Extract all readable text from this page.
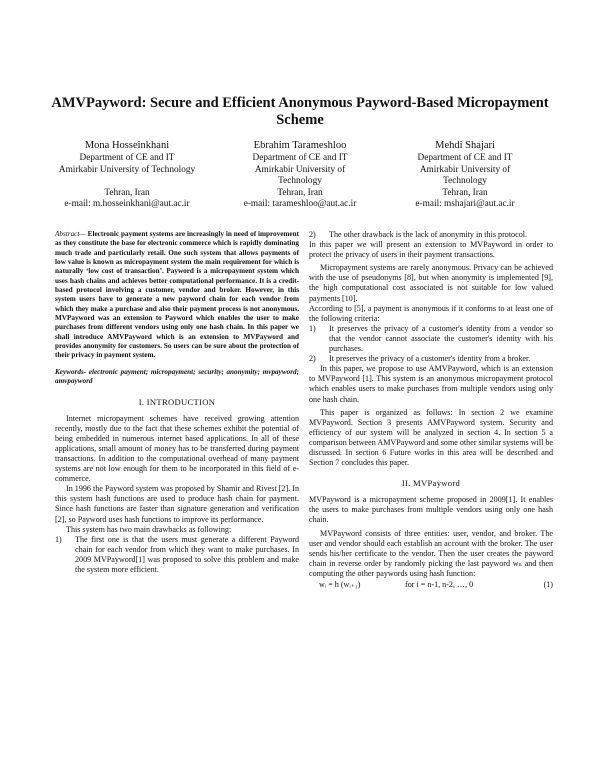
AMVPayword: Secure and Efficient Anonymous Payword-Based Micropayment Scheme
Mona Hosseinkhani
Department of CE and IT
Amirkabir University of Technology

Tehran, Iran
e-mail: m.hosseinkhani@aut.ac.ir
Ebrahim Tarameshloo
Department of CE and IT
Amirkabir University of
Technology
Tehran, Iran
e-mail: tarameshloo@aut.ac.ir
Mehdi Shajari
Department of CE and IT
Amirkabir University of
Technology
Tehran, Iran
e-mail: mshajari@aut.ac.ir

Abstract— Electronic payment systems are increasingly in need of improvement as they constitute the base for electronic commerce which is rapidly dominating much trade and particularly retail. One such system that allows payments of low value is known as micropayment system the main requirement for which is naturally ‘low cost of transaction’. Payword is a micropayment system which uses hash chains and achieves better computational performance. It is a credit-based protocol involving a customer, vendor and broker. However, in this system users have to generate a new payword chain for each vendor from which they make a purchase and also their payment process is not anonymous. MVPayword was an extension to Payword which enables the user to make purchases from different vendors using only one hash chain. In this paper we shall introduce AMVPayword which is an extension to MVPayword and provides anonymity for customers. So users can be sure about the protection of their privacy in payment system.

Keywords- electronic payment; micropayment; security; anonymity; mvpayword; amvpayword

I. INTRODUCTION

Internet micropayment schemes have received growing attention recently, mostly due to the fact that these schemes exhibit the potential of being embedded in numerous internet based applications. In all of these applications, small amount of money has to be transferred during payment transactions. In addition to the computational overhead of many payment systems are not low enough for them to be incorporated in this field of e-commerce.

In 1996 the Payword system was proposed by Shamir and Rivest [2]. In this system hash functions are used to produce hash chain for payment. Since hash functions are faster than signature generation and verification [2], so Payword uses hash functions to improve its performance.

This system has two main drawbacks as following:

1)	The first one is that the users must generate a different Payword chain for each vendor from which they want to make purchases. In 2009 MVPayword[1] was proposed to solve this problem and make the system more efficient.
2)	The other drawback is the lack of anonymity in this protocol.

In this paper we will present an extension to MVPayword in order to protect the privacy of users in their payment transactions.

Micropayment systems are rarely anonymous. Privacy can be achieved with the use of pseudonyms [8], but when anonymity is implemented [9], the high computational cost associated is not suitable for low valued payments [10].

According to [5], a payment is anonymous if it conforms to at least one of the following criteria:

1)	It preserves the privacy of a customer's identity from a vendor so that the vendor cannot associate the customer's identity with his purchases.
2)	It preserves the privacy of a customer's identity from a broker.

In this paper, we propose to use AMVPayword, which is an extension to MVPayword [1]. This system is an anonymous micropayment protocol which enables users to make purchases from multiple vendors using only one hash chain.

This paper is organized as follows: In section 2 we examine MVPayword. Section 3 presents AMVPayword system. Security and efficiency of our system will be analyzed in section 4. In section 5 a comparison between AMVPayword and some other similar systems will be discussed. In section 6 Future works in this area will be described and Section 7 concludes this paper.

II. MVPayword

MVPayword is a micropayment scheme proposed in 2009[1]. It enables the users to make purchases from multiple vendors using only one hash chain.

MVPayword consists of three entities: user, vendor, and broker. The user and vendor should each establish an account with the broker. The user sends his/her certificate to the vendor. Then the user creates the payword chain in reverse order by randomly picking the last payword wₙ and then computing the other paywords using hash function:

wᵢ = h (wᵢ₊₁)	for i = n-1, n-2, …, 0	(1)
